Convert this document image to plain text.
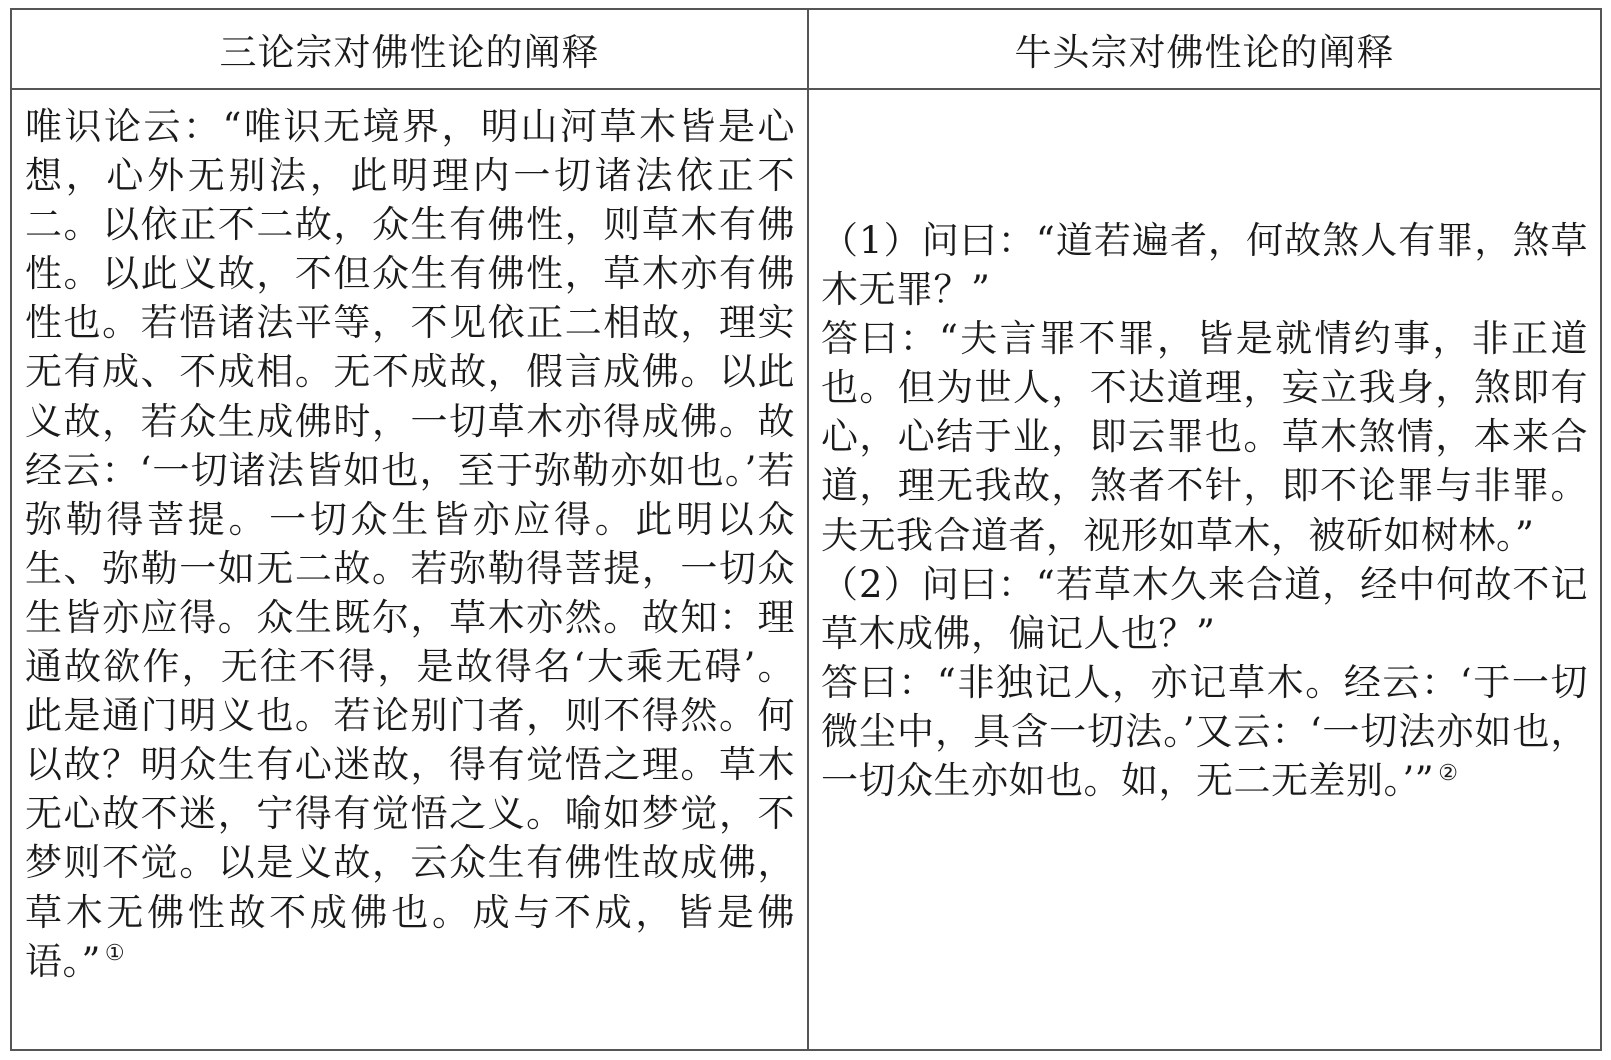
三论宗对佛性论的阐释	牛头宗对佛性论的阐释

唯识论云：“唯识无境界，明山河草木皆是心想，心外无别法，此明理内一切诸法依正不二。以依正不二故，众生有佛性，则草木有佛性。以此义故，不但众生有佛性，草木亦有佛性也。若悟诸法平等，不见依正二相故，理实无有成、不成相。无不成故，假言成佛。以此义故，若众生成佛时，一切草木亦得成佛。故经云：‘一切诸法皆如也，至于弥勒亦如也。’若弥勒得菩提。一切众生皆亦应得。此明以众生、弥勒一如无二故。若弥勒得菩提，一切众生皆亦应得。众生既尔，草木亦然。故知：理通故欲作，无往不得，是故得名‘大乘无碍’。此是通门明义也。若论别门者，则不得然。何以故？明众生有心迷故，得有觉悟之理。草木无心故不迷，宁得有觉悟之义。喻如梦觉，不梦则不觉。以是义故，云众生有佛性故成佛，草木无佛性故不成佛也。成与不成，皆是佛语。” ①

（1）问曰：“道若遍者，何故煞人有罪，煞草木无罪？”

答曰：“夫言罪不罪，皆是就情约事，非正道也。但为世人，不达道理，妄立我身，煞即有心，心结于业，即云罪也。草木煞情，本来合道，理无我故，煞者不针，即不论罪与非罪。夫无我合道者，视形如草木，被斫如树林。”

（2）问曰：“若草木久来合道，经中何故不记草木成佛，偏记人也？”

答曰：“非独记人，亦记草木。经云：‘于一切微尘中，具含一切法。’又云：‘一切法亦如也，一切众生亦如也。如，无二无差别。’” ②
